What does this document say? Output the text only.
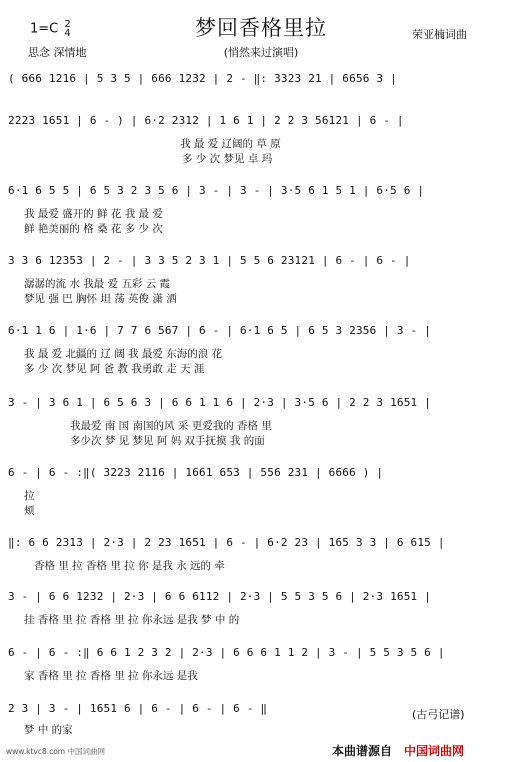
梦回香格里拉
1=C 2
4
思念 深情地	(悄然来过演唱)
荣亚楠词曲
( 666 1216 | 5 3 5 | 666 1232 | 2 - ‖: 3323 21 | 6656 3 |
2223 1651 | 6 - ) | 6·2 2312 | 1 6 1 | 2 2 3 56121 | 6 - |
我 最 爱 辽阔的 草 原
多 少 次 梦见 卓 玛
6·1 6 5 5 | 6 5 3 2 3 5 6 | 3 - | 3 - | 3·5 6 1 5 1 | 6·5 6 |
我 最爱 盛开的 鲜 花 我 最 爱
鲜 艳美丽的 格 桑 花 多 少 次
3 3 6 12353 | 2 - | 3 3 5 2 3 1 | 5 5 6 23121 | 6 - | 6 - |
潺潺的流 水 我最 爱 五彩 云 霞
梦见 强 巴 胸怀 坦 荡 英俊 潇 洒
6·1 1 6 | 1·6 | 7 7 6 567 | 6 - | 6·1 6 5 | 6 5 3 2356 | 3 - |
我 最 爱 北疆的 辽 阔 我 最爱 东海的浪 花
多 少 次 梦见 阿 爸 教 我勇敢 走 天 涯
3 - | 3 6 1 | 6 5 6 3 | 6 6 1 1 6 | 2·3 | 3·5 6 | 2 2 3 1651 |
我最爱 南 国 南国的风 采 更爱我的 香格 里
多少次 梦 见 梦见 阿 妈 双手抚摸 我 的面
6 - | 6 - :‖( 3223 2116 | 1661 653 | 556 231 | 6666 ) |
拉
颊
‖: 6 6 2313 | 2·3 | 2 23 1651 | 6 - | 6·2 23 | 165 3 3 | 6 615 |
香格 里 拉 香格 里 拉 你 是我 永 远的 牵
3 - | 6 6 1232 | 2·3 | 6 6 6112 | 2·3 | 5 5 3 5 6 | 2·3 1651 |
挂 香格 里 拉 香格 里 拉 你永远 是我 梦 中 的
6 - | 6 - :‖ 6 6 1 2 3 2 | 2·3 | 6 6 6 1 1 2 | 3 - | 5 5 3 5 6 |
家 香格 里 拉 香格 里 拉 你永远 是我
2 3 | 3 - | 1651 6 | 6 - | 6 - | 6 - ‖
梦 中 的家
(古弓记谱)
www.ktvc8.com 中国词曲网	本曲谱源自 中国词曲网
